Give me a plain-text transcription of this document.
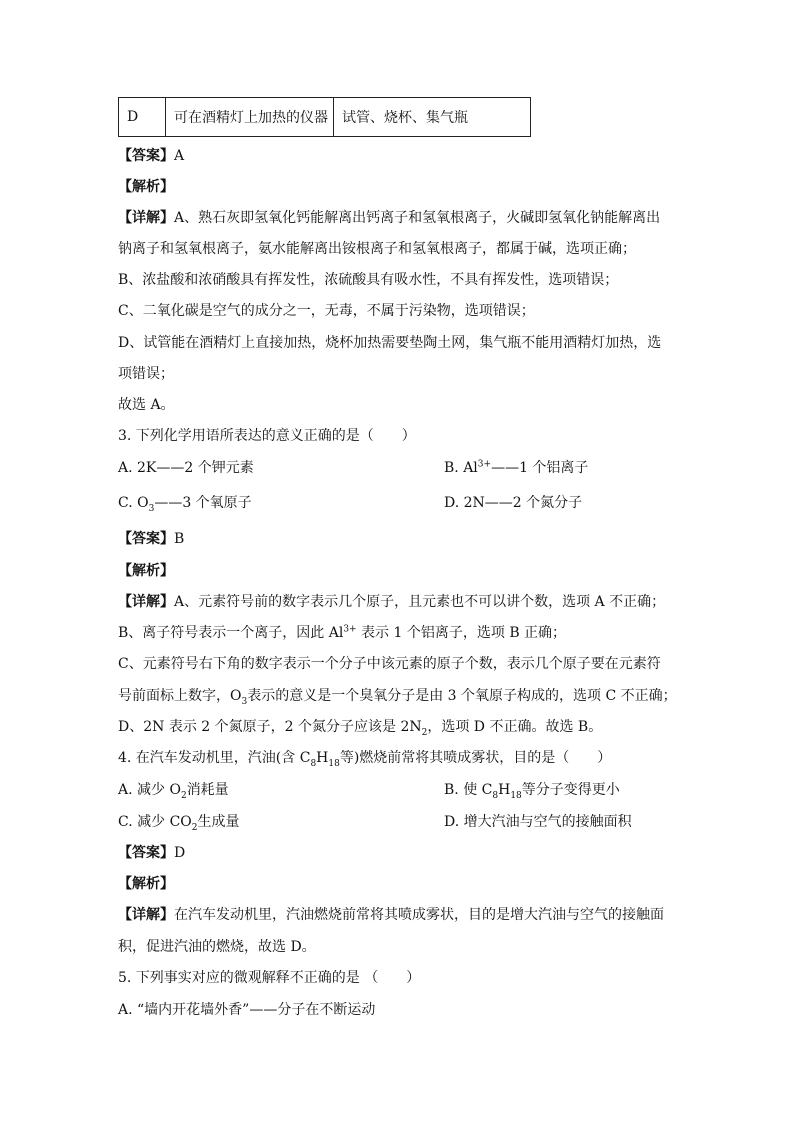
D	可在酒精灯上加热的仪器	试管、烧杯、集气瓶
【答案】A
【解析】
【详解】A、熟石灰即氢氧化钙能解离出钙离子和氢氧根离子，火碱即氢氧化钠能解离出
钠离子和氢氧根离子，氨水能解离出铵根离子和氢氧根离子，都属于碱，选项正确；
B、浓盐酸和浓硝酸具有挥发性，浓硫酸具有吸水性，不具有挥发性，选项错误；
C、二氧化碳是空气的成分之一，无毒，不属于污染物，选项错误；
D、试管能在酒精灯上直接加热，烧杯加热需要垫陶土网，集气瓶不能用酒精灯加热，选
项错误；
故选 A。
3. 下列化学用语所表达的意义正确的是（　　）
A. 2K——2 个钾元素	B. $Al^{3+}——1$ 个铝离子
C. $O_3——3$ 个氧原子	D. 2N——2 个氮分子
【答案】B
【解析】
【详解】A、元素符号前的数字表示几个原子，且元素也不可以讲个数，选项 A 不正确；
B、离子符号表示一个离子，因此 $Al^{3+}$ 表示 1 个铝离子，选项 B 正确；
C、元素符号右下角的数字表示一个分子中该元素的原子个数，表示几个原子要在元素符
号前面标上数字，$O_3$表示的意义是一个臭氧分子是由 3 个氧原子构成的，选项 C 不正确；
D、2N 表示 2 个氮原子，2 个氮分子应该是 $2N_2$，选项 D 不正确。故选 B。
4. 在汽车发动机里，汽油(含 $C_8H_{18}$等)燃烧前常将其喷成雾状，目的是（　　）
A. 减少 $O_2$消耗量	B. 使 $C_8H_{18}$等分子变得更小
C. 减少 $CO_2$生成量	D. 增大汽油与空气的接触面积
【答案】D
【解析】
【详解】在汽车发动机里，汽油燃烧前常将其喷成雾状，目的是增大汽油与空气的接触面
积，促进汽油的燃烧，故选 D。
5. 下列事实对应的微观解释不正确的是 （　　）
A. “墙内开花墙外香”——分子在不断运动
